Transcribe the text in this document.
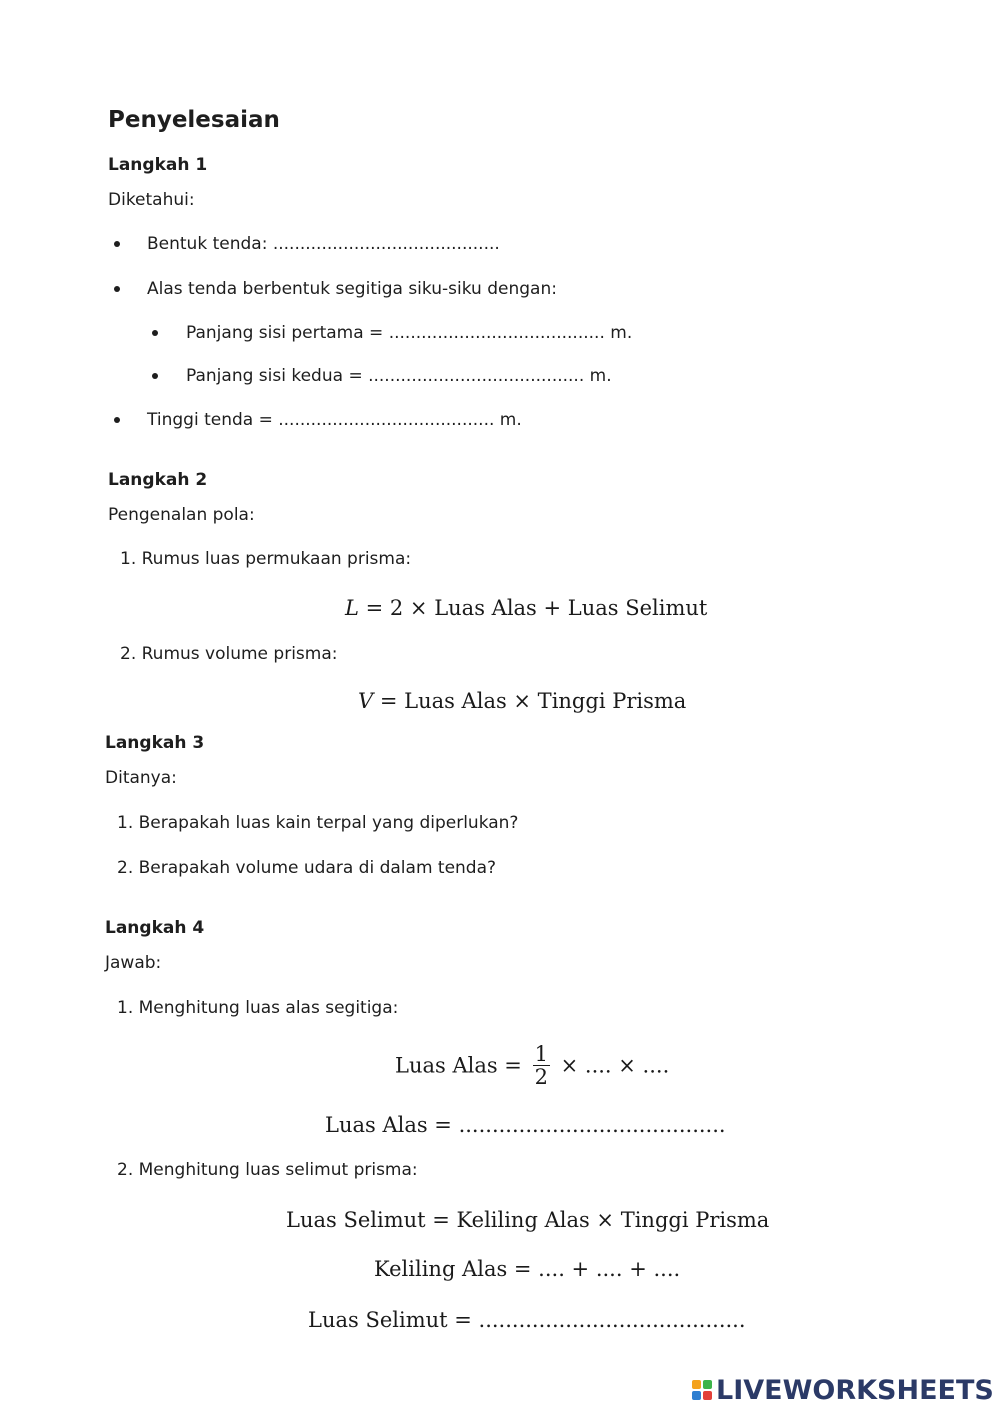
Penyelesaian
Langkah 1
Diketahui:
Bentuk tenda: ..........................................
Alas tenda berbentuk segitiga siku-siku dengan:
Panjang sisi pertama = ........................................ m.
Panjang sisi kedua = ........................................ m.
Tinggi tenda = ........................................ m.
Langkah 2
Pengenalan pola:
1. Rumus luas permukaan prisma:
L = 2 × Luas Alas + Luas Selimut
2. Rumus volume prisma:
V = Luas Alas × Tinggi Prisma
Langkah 3
Ditanya:
1. Berapakah luas kain terpal yang diperlukan?
2. Berapakah volume udara di dalam tenda?
Langkah 4
Jawab:
1. Menghitung luas alas segitiga:
Luas Alas = $\frac{1}{2}$ × .... × ....
Luas Alas = ........................................
2. Menghitung luas selimut prisma:
Luas Selimut = Keliling Alas × Tinggi Prisma
Keliling Alas = .... + .... + ....
Luas Selimut = ........................................
LIVEWORKSHEETS
